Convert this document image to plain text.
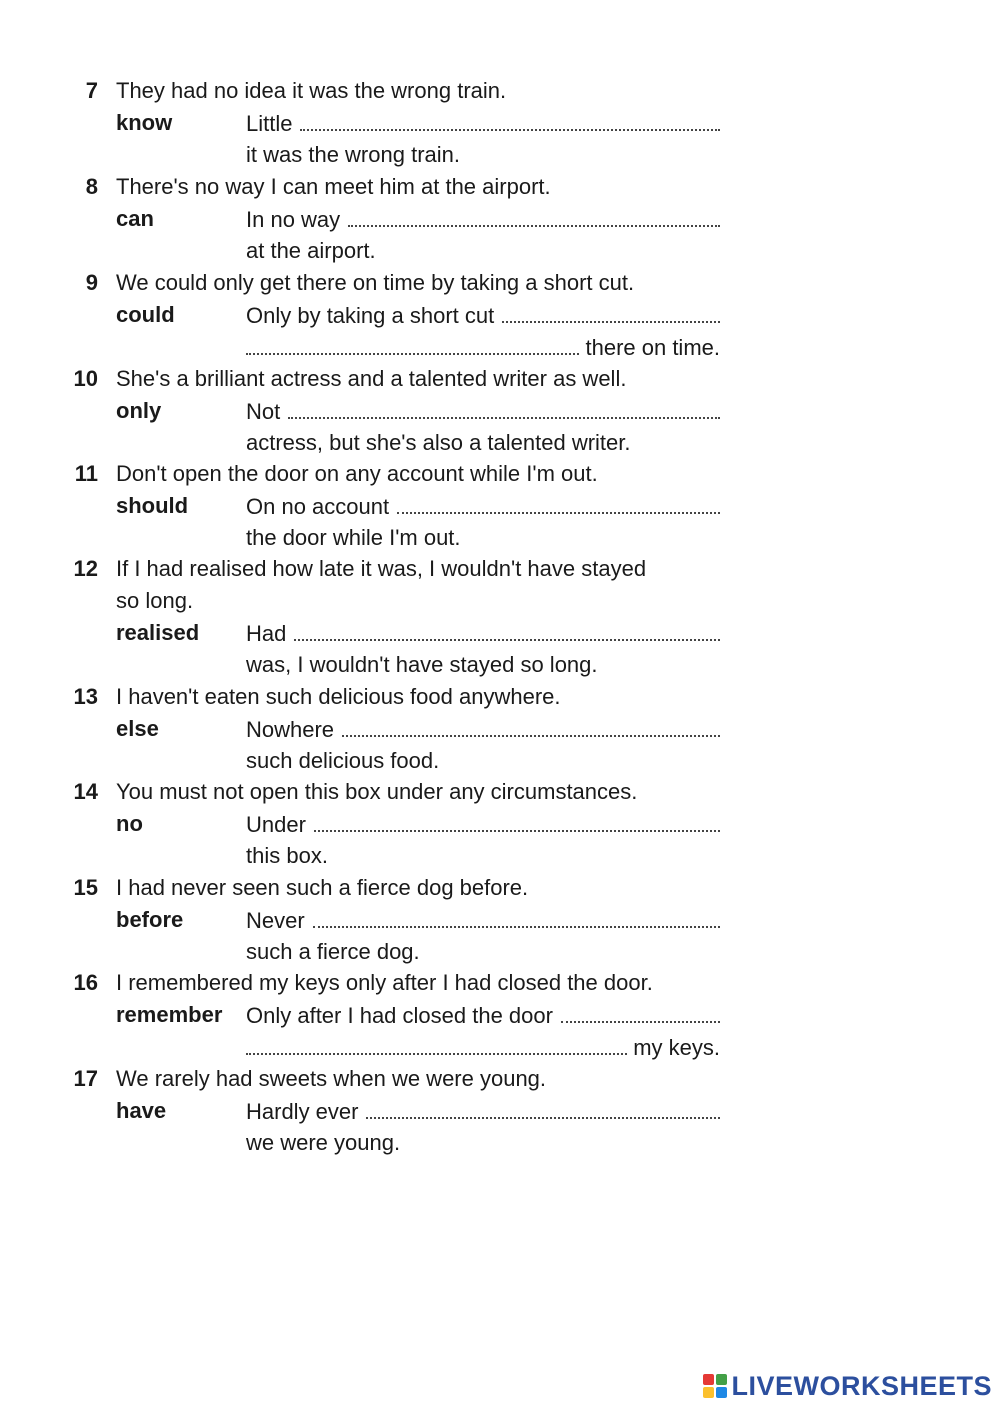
7 They had no idea it was the wrong train.
know	Little
it was the wrong train.
8 There's no way I can meet him at the airport.
can	In no way
at the airport.
9 We could only get there on time by taking a short cut.
could	Only by taking a short cut
there on time.
10 She's a brilliant actress and a talented writer as well.
only	Not
actress, but she's also a talented writer.
11 Don't open the door on any account while I'm out.
should	On no account
the door while I'm out.
12 If I had realised how late it was, I wouldn't have stayed
so long.
realised Had
was, I wouldn't have stayed so long.
13 I haven't eaten such delicious food anywhere.
else	Nowhere
such delicious food.
14 You must not open this box under any circumstances.
no	Under
this box.
15 I had never seen such a fierce dog before.
before	Never
such a fierce dog.
16 I remembered my keys only after I had closed the door.
remember Only after I had closed the door
my keys.
17 We rarely had sweets when we were young.
have	Hardly ever
we were young.
LIVEWORKSHEETS
